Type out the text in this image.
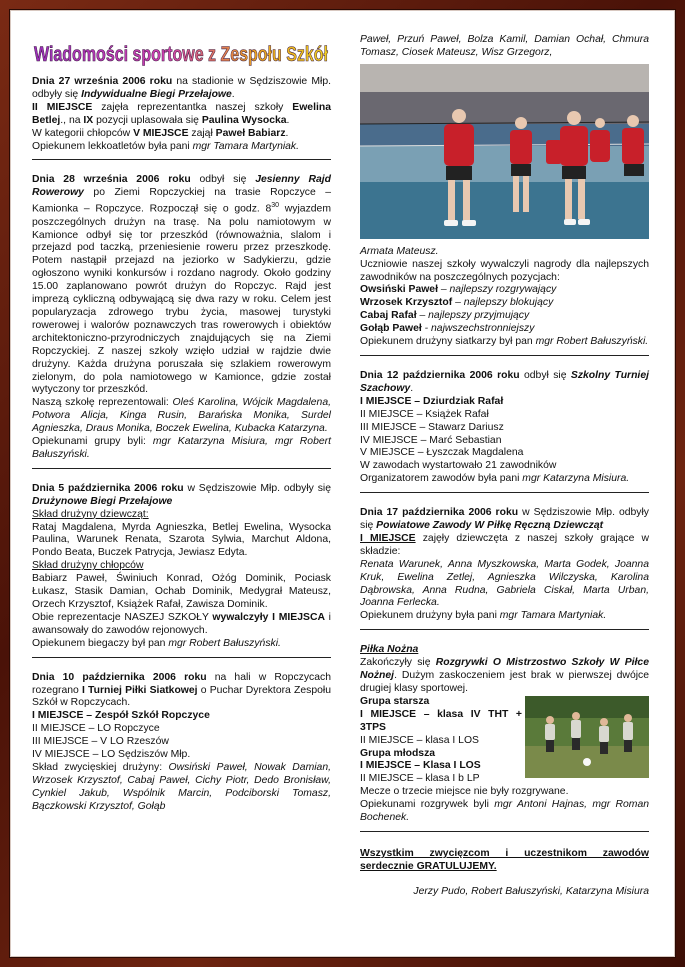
Wiadomości sportowe z Zespołu Szkół

Dnia 27 września 2006 roku na stadionie w Sędziszowie Młp. odbyły się Indywidualne Biegi Przełajowe.
II MIEJSCE zajęła reprezentantka naszej szkoły Ewelina Betlej., na IX pozycji uplasowała się Paulina Wysocka.
W kategorii chłopców V MIEJSCE zajął Paweł Babiarz.
Opiekunem lekkoatletów była pani mgr Tamara Martyniak.

Dnia 28 września 2006 roku odbył się Jesienny Rajd Rowerowy po Ziemi Ropczyckiej na trasie Ropczyce – Kamionka – Ropczyce. Rozpoczął się o godz. $8^{30}$ wyjazdem poszczególnych drużyn na trasę. Na polu namiotowym w Kamionce odbył się tor przeszkód (równoważnia, slalom i przejazd pod taczką, przeniesienie roweru przez przeszkodę. Potem nastąpił przejazd na jeziorko w Sadykierzu, gdzie ogłoszono wyniki konkursów i rozdano nagrody. Około godziny 15.00 zaplanowano powrót drużyn do Ropczyc. Rajd jest imprezą cykliczną odbywającą się dwa razy w roku. Celem jest popularyzacja zdrowego trybu życia, masowej turystyki rowerowej i walorów poznawczych tras rowerowych i obiektów architektoniczno-przyrodniczych znajdujących się na Ziemi Ropczyckiej. Z naszej szkoły wzięło udział w rajdzie dwie drużyny. Każda drużyna poruszała się szlakiem rowerowym zielonym, do pola namiotowego w Kamionce, gdzie został wytyczony tor przeszkód.
Naszą szkołę reprezentowali: Oleś Karolina, Wójcik Magdalena, Potwora Alicja, Kinga Rusin, Barańska Monika, Surdel Agnieszka, Draus Monika, Boczek Ewelina, Kubacka Katarzyna.
Opiekunami grupy byli: mgr Katarzyna Misiura, mgr Robert Bałuszyński.

Dnia 5 października 2006 roku w Sędziszowie Młp. odbyły się Drużynowe Biegi Przełajowe
Skład drużyny dziewcząt:
Rataj Magdalena, Myrda Agnieszka, Betlej Ewelina, Wysocka Paulina, Warunek Renata, Szarota Sylwia, Marchut Aldona, Pondo Beata, Buczek Patrycja, Jewiasz Edyta.
Skład drużyny chłopców
Babiarz Paweł, Świniuch Konrad, Ożóg Dominik, Pociask Łukasz, Stasik Damian, Ochab Dominik, Medygrał Mateusz, Orzech Krzysztof, Książek Rafał, Zawisza Dominik.
Obie reprezentacje NASZEJ SZKOŁY wywalczyły I MIEJSCA i awansowały do zawodów rejonowych.
Opiekunem biegaczy był pan mgr Robert Bałuszyński.

Dnia 10 października 2006 roku na hali w Ropczycach rozegrano I Turniej Piłki Siatkowej o Puchar Dyrektora Zespołu Szkół w Ropczycach.
I MIEJSCE – Zespół Szkół Ropczyce
II MIEJSCE – LO Ropczyce
III MIEJSCE – V LO Rzeszów
IV MIEJSCE – LO Sędziszów Młp.
Skład zwycięskiej drużyny: Owsiński Paweł, Nowak Damian, Wrzosek Krzysztof, Cabaj Paweł, Cichy Piotr, Dedo Bronisław, Cynkiel Jakub, Wspólnik Marcin, Podciborski Tomasz, Bączkowski Krzysztof, Gołąb

Paweł, Przuń Paweł, Bolza Kamil, Damian Ochał, Chmura Tomasz, Ciosek Mateusz, Wisz Grzegorz,

Armata Mateusz.
Uczniowie naszej szkoły wywalczyli nagrody dla najlepszych zawodników na poszczególnych pozycjach:
Owsiński Paweł – najlepszy rozgrywający
Wrzosek Krzysztof – najlepszy blokujący
Cabaj Rafał – najlepszy przyjmujący
Gołąb Paweł - najwszechstronniejszy
Opiekunem drużyny siatkarzy był pan mgr Robert Bałuszyński.

Dnia 12 października 2006 roku odbył się Szkolny Turniej Szachowy.
I MIEJSCE – Dziurdziak Rafał
II MIEJSCE – Książek Rafał
III MIEJSCE – Stawarz Dariusz
IV MIEJSCE – Marć Sebastian
V MIEJSCE – Łyszczak Magdalena
W zawodach wystartowało 21 zawodników
Organizatorem zawodów była pani mgr Katarzyna Misiura.

Dnia 17 października 2006 roku w Sędziszowie Młp. odbyły się Powiatowe Zawody W Piłkę Ręczną Dziewcząt
I MIEJSCE zajęły dziewczęta z naszej szkoły grające w składzie:
Renata Warunek, Anna Myszkowska, Marta Godek, Joanna Kruk, Ewelina Zetlej, Agnieszka Wilczyska, Karolina Dąbrowska, Anna Rudna, Gabriela Ciskał, Marta Urban, Joanna Ferlecka.
Opiekunem drużyny była pani mgr Tamara Martyniak.

Piłka Nożna
Zakończyły się Rozgrywki O Mistrzostwo Szkoły W Piłce Nożnej. Dużym zaskoczeniem jest brak w pierwszej dwójce drugiej klasy sportowej.

Grupa starsza
I MIEJSCE – klasa IV THT + 3TPS
II MIEJSCE – klasa I LOS
Grupa młodsza
I MIEJSCE – Klasa I LOS
II MIEJSCE – klasa I b LP

Mecze o trzecie miejsce nie były rozgrywane.
Opiekunami rozgrywek byli mgr Antoni Hajnas, mgr Roman Bochenek.

Wszystkim zwycięzcom i uczestnikom zawodów serdecznie GRATULUJEMY.

Jerzy Pudo, Robert Bałuszyński, Katarzyna Misiura
